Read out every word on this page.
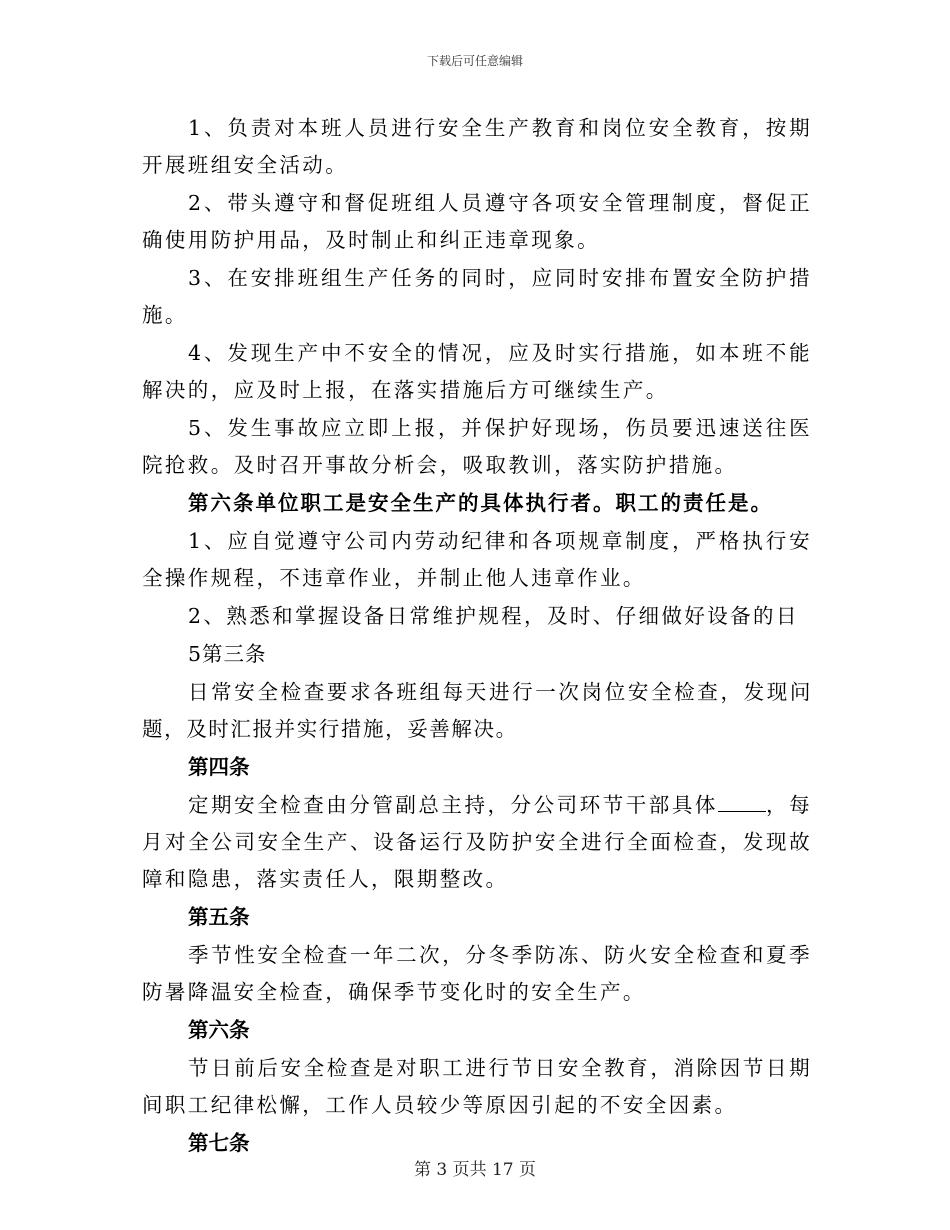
下载后可任意编辑

1、负责对本班人员进行安全生产教育和岗位安全教育，按期开展班组安全活动。

2、带头遵守和督促班组人员遵守各项安全管理制度，督促正确使用防护用品，及时制止和纠正违章现象。

3、在安排班组生产任务的同时，应同时安排布置安全防护措施。

4、发现生产中不安全的情况，应及时实行措施，如本班不能解决的，应及时上报，在落实措施后方可继续生产。

5、发生事故应立即上报，并保护好现场，伤员要迅速送往医院抢救。及时召开事故分析会，吸取教训，落实防护措施。

第六条单位职工是安全生产的具体执行者。职工的责任是。

1、应自觉遵守公司内劳动纪律和各项规章制度，严格执行安全操作规程，不违章作业，并制止他人违章作业。

2、熟悉和掌握设备日常维护规程，及时、仔细做好设备的日

5第三条

日常安全检查要求各班组每天进行一次岗位安全检查，发现问题，及时汇报并实行措施，妥善解决。

第四条

定期安全检查由分管副总主持，分公司环节干部具体 ，每月对全公司安全生产、设备运行及防护安全进行全面检查，发现故障和隐患，落实责任人，限期整改。

第五条

季节性安全检查一年二次，分冬季防冻、防火安全检查和夏季防暑降温安全检查，确保季节变化时的安全生产。

第六条

节日前后安全检查是对职工进行节日安全教育，消除因节日期间职工纪律松懈，工作人员较少等原因引起的不安全因素。

第七条

第 3 页共 17 页
